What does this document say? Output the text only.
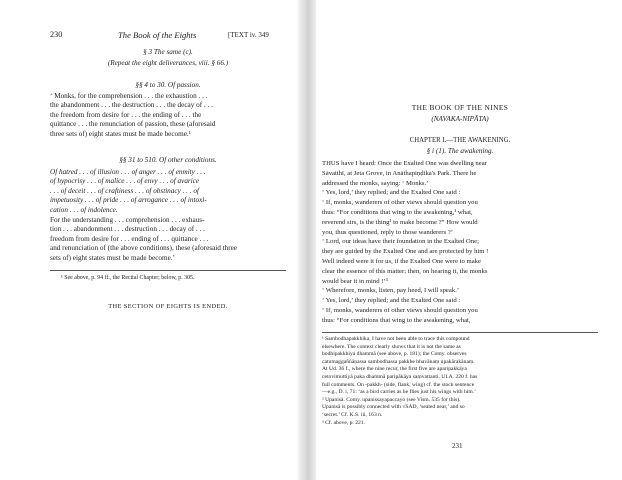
230	The Book of the Eights	[TEXT iv. 349
§ 3 The same (c).
(Repeat the eight deliverances, viii. § 66.)
§§ 4 to 30. Of passion.

‘ Monks, for the comprehension . . . the exhaustion . . .

the abandonment . . . the destruction . . . the decay of . . .

the freedom from desire for . . . the ending of . . . the

quittance . . . the renunciation of passion, these (aforesaid

three sets of) eight states must be made become.¹

§§ 31 to 510. Of other conditions.

Of hatred . . . of illusion . . . of anger . . . of enmity . . .

of hypocrisy . . . of malice . . . of envy . . . of avarice

. . . of deceit . . . of craftiness . . . of obstinacy . . . of

impetuosity . . . of pride . . . of arrogance . . . of intoxi-

cation . . . of indolence.

For the understanding . . . comprehension . . . exhaus-

tion . . . abandonment . . . destruction . . . decay of . . .

freedom from desire for . . . ending of . . . quittance . . .

and renunciation of (the above conditions), these (aforesaid three

sets of) eight states must be made become.’

¹ See above, p. 94 ff., the Recital Chapter; below, p. 305.

THE SECTION OF EIGHTS IS ENDED.
THE BOOK OF THE NINES
(NAVAKA-NIPĀTA)
CHAPTER I.—THE AWAKENING.
§ i (1). The awakening.

THUS have I heard: Once the Exalted One was dwelling near

Sāvatthī, at Jeta Grove, in Anāthapiṇḍika's Park. There he

addressed the monks, saying: ‘ Monks.’

‘ Yes, lord,’ they replied; and the Exalted One said :

‘ If, monks, wanderers of other views should question you

thus: “For conditions that wing to the awakening,¹ what,

reverend sirs, is the thing² to make become ?” How would

you, thus questioned, reply to those wanderers ?’

‘ Lord, our ideas have their foundation in the Exalted One;

they are guided by the Exalted One and are protected by him !

Well indeed were it for us, if the Exalted One were to make

clear the essence of this matter; then, on hearing it, the monks

would bear it in mind !’³

‘ Wherefore, monks, listen, pay heed, I will speak.’

‘ Yes, lord,’ they replied; and the Exalted One said :

‘ If, monks, wanderers of other views should question you

thus: “For conditions that wing to the awakening, what,

¹ Sambodhapakkhika, I have not been able to trace this compound

elsewhere. The context clearly shows that it is not the same as

bodhipakkhiya dhammā (see above, p. 181); the Comy. observes

catumaggaññāṇassa sambodhassa pakkhe bhavānaṃ upakārakānaṃ.

At Ud. 36 f., where the nine recur, the first five are aparipakkāya

cetovimuttiyā paka dhammā paripākāya saṃvattanti. UI.A. 220 f. has

full comments. On -pakkh- (side, flank, wing) cf. the stock sentence

—e.g., D. i, 71: ‘as a bird carries as he flies just his wings with him.’

² Upanisā. Comy. upanissayapaccayo (see Vism. 535 for this).

Upanisā is possibly connected with √SAD, ‘seated near,’ and so

‘secret.’ Cf. K.S. iii, 163 n.

³ Cf. above, p. 221.

231
